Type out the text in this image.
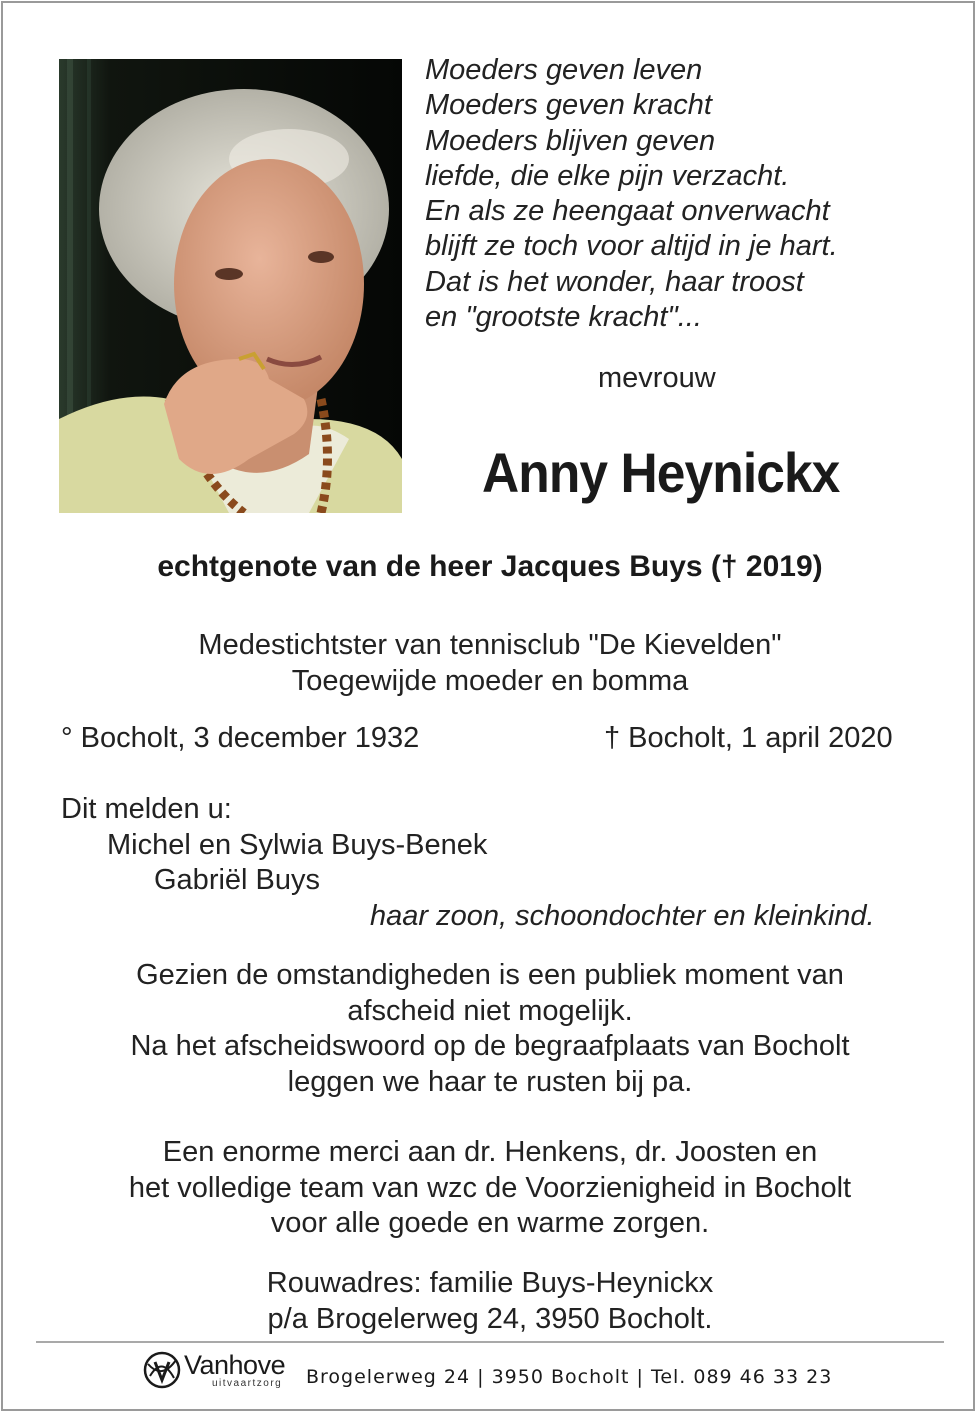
Moeders geven leven
Moeders geven kracht
Moeders blijven geven
liefde, die elke pijn verzacht.
En als ze heengaat onverwacht
blijft ze toch voor altijd in je hart.
Dat is het wonder, haar troost
en "grootste kracht"...
mevrouw
Anny Heynickx
echtgenote van de heer Jacques Buys († 2019)
Medestichtster van tennisclub "De Kievelden"
Toegewijde moeder en bomma
° Bocholt, 3 december 1932	† Bocholt, 1 april 2020
Dit melden u:
Michel en Sylwia Buys-Benek
Gabriël Buys
haar zoon, schoondochter en kleinkind.
Gezien de omstandigheden is een publiek moment van
afscheid niet mogelijk.
Na het afscheidswoord op de begraafplaats van Bocholt
leggen we haar te rusten bij pa.
Een enorme merci aan dr. Henkens, dr. Joosten en
het volledige team van wzc de Voorzienigheid in Bocholt
voor alle goede en warme zorgen.
Rouwadres: familie Buys-Heynickx
p/a Brogelerweg 24, 3950 Bocholt.
Vanhove
uitvaartzorg Brogelerweg 24 | 3950 Bocholt | Tel. 089 46 33 23
